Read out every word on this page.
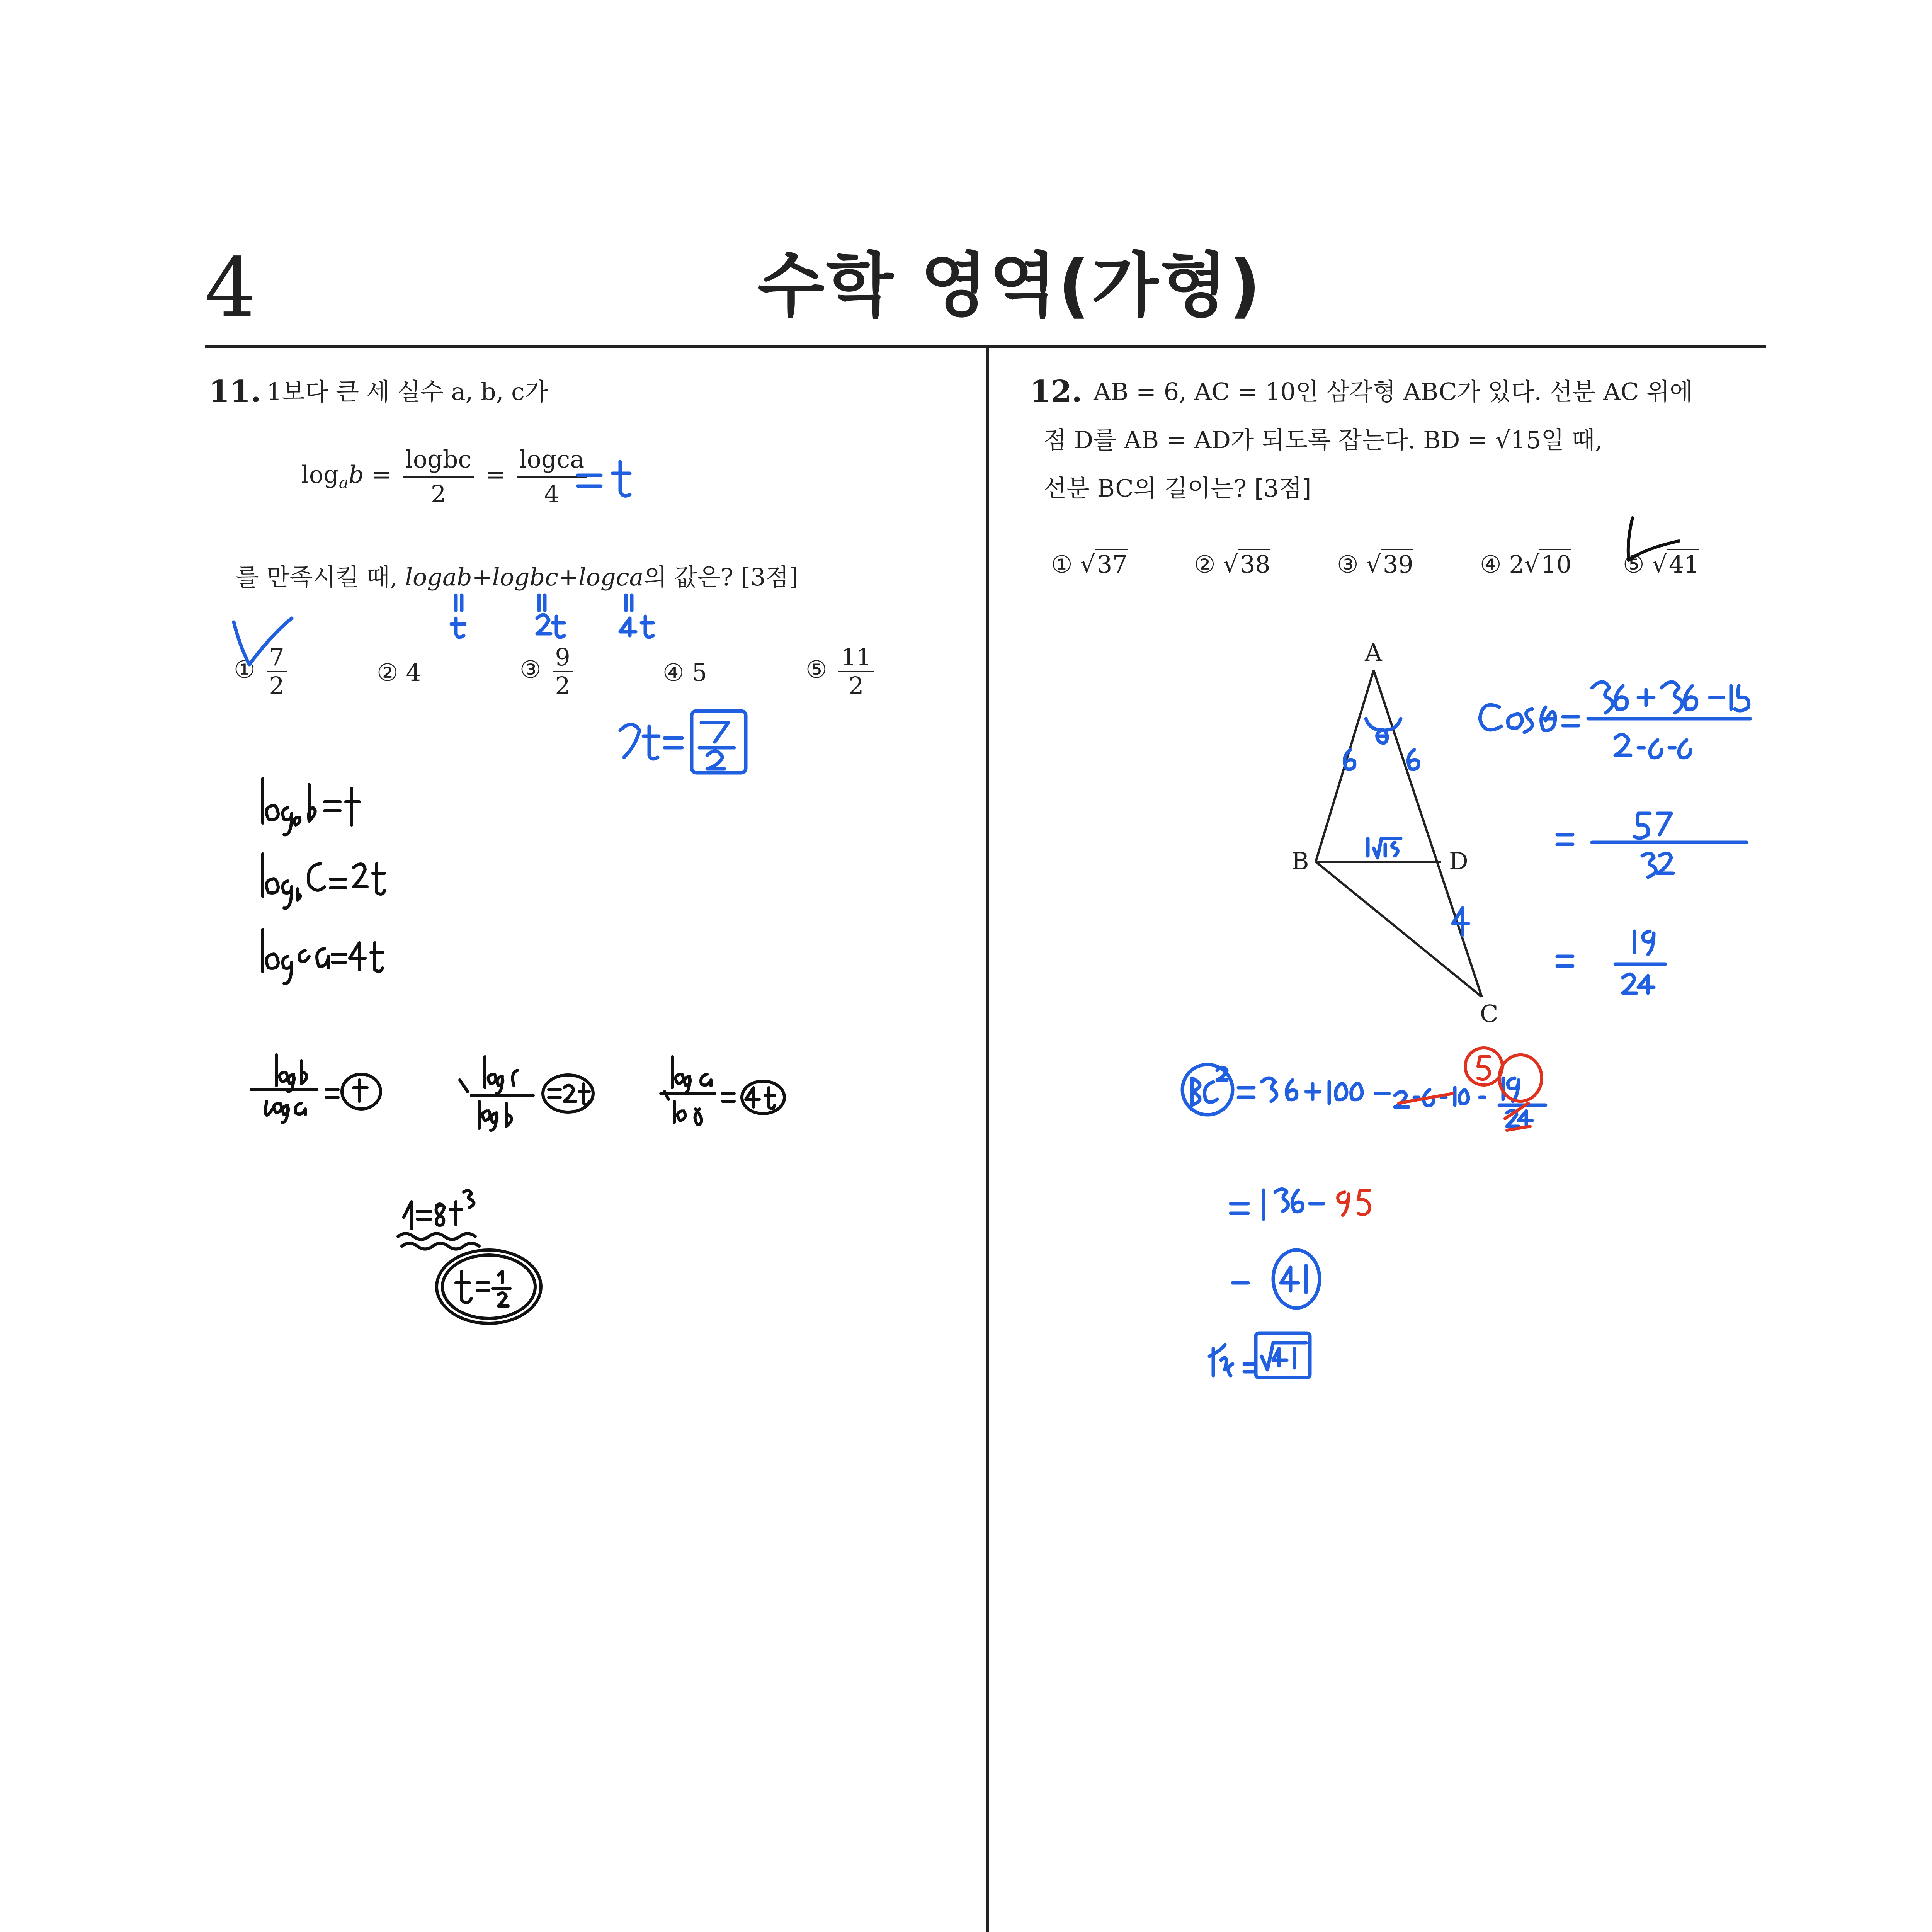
4	수학 영역(가형)
11. 1보다 큰 세 실수 a, b, c가
$\log_ab = \frac{\text{logbc}}{2} = \frac{\text{logca}}{4}$
를 만족시킬 때, logab+logbc+logca의 값은? [3점]
① $\frac{7}{2}$	② 4	③ $\frac{9}{2}$	④ 5	⑤ $\frac{11}{2}$
12. AB = 6, AC = 10인 삼각형 ABC가 있다. 선분 AC 위에
점 D를 AB = AD가 되도록 잡는다. BD = √15일 때,
선분 BC의 길이는? [3점]
① √37	② √38	③ √39	④ 2√10 ⑤ √41
A
B	D
C
